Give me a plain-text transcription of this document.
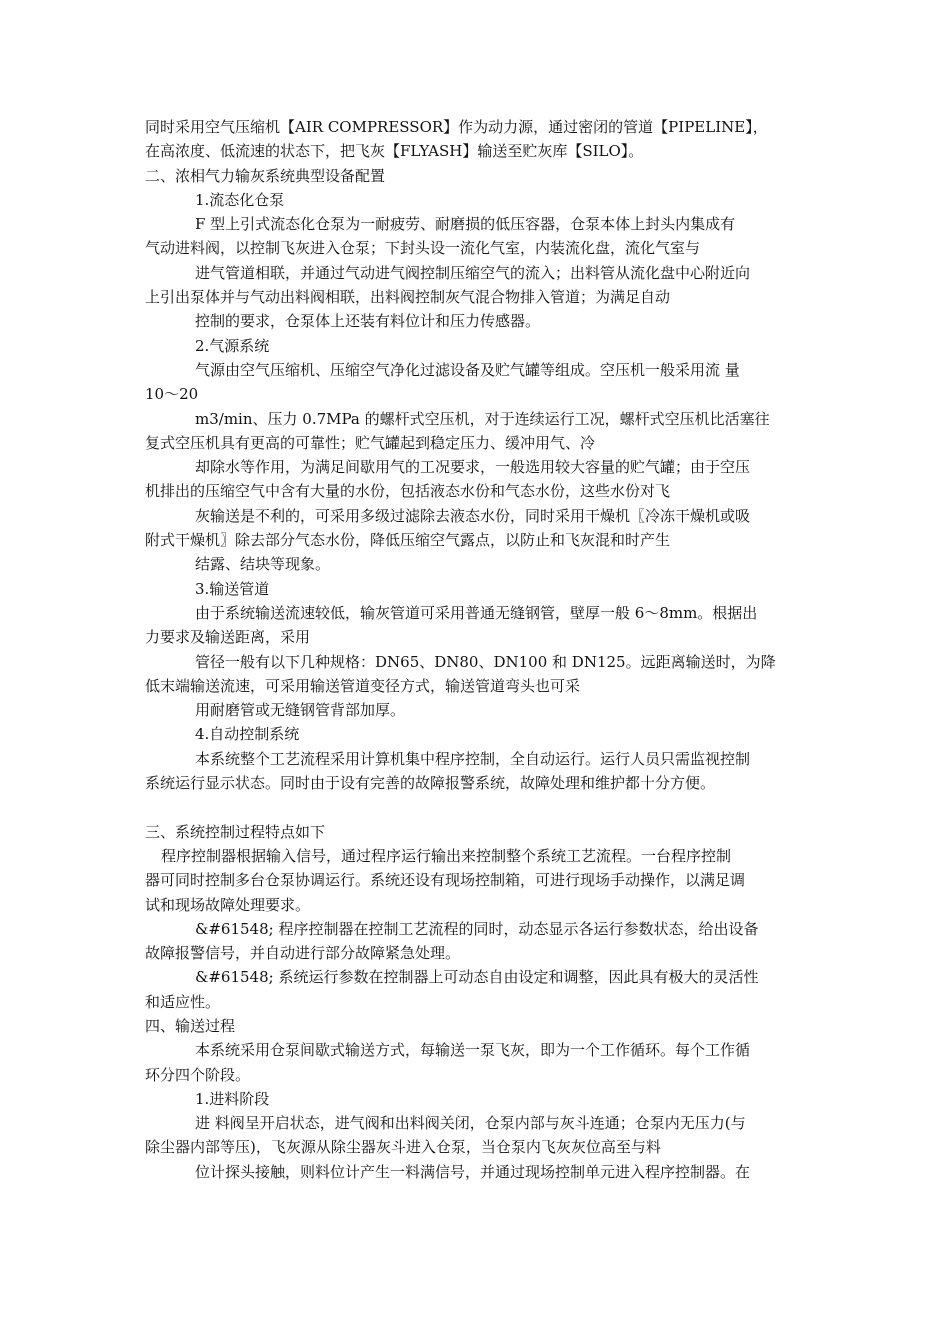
同时采用空气压缩机【AIR COMPRESSOR】作为动力源，通过密闭的管道【PIPELINE】，
在高浓度、低流速的状态下，把飞灰【FLYASH】输送至贮灰库【SILO】。
二、浓相气力输灰系统典型设备配置
1.流态化仓泵
F 型上引式流态化仓泵为一耐疲劳、耐磨损的低压容器，仓泵本体上封头内集成有
气动进料阀，以控制飞灰进入仓泵；下封头设一流化气室，内装流化盘，流化气室与
进气管道相联，并通过气动进气阀控制压缩空气的流入；出料管从流化盘中心附近向
上引出泵体并与气动出料阀相联，出料阀控制灰气混合物排入管道；为满足自动
控制的要求，仓泵体上还装有料位计和压力传感器。
2.气源系统
气源由空气压缩机、压缩空气净化过滤设备及贮气罐等组成。空压机一般采用流 量
10～20
m3/min、压力 0.7MPa 的螺杆式空压机，对于连续运行工况，螺杆式空压机比活塞往
复式空压机具有更高的可靠性；贮气罐起到稳定压力、缓冲用气、冷
却除水等作用，为满足间歇用气的工况要求，一般选用较大容量的贮气罐；由于空压
机排出的压缩空气中含有大量的水份，包括液态水份和气态水份，这些水份对飞
灰输送是不利的，可采用多级过滤除去液态水份，同时采用干燥机〖冷冻干燥机或吸
附式干燥机〗除去部分气态水份，降低压缩空气露点，以防止和飞灰混和时产生
结露、结块等现象。
3.输送管道
由于系统输送流速较低，输灰管道可采用普通无缝钢管，壁厚一般 6～8mm。根据出
力要求及输送距离，采用
管径一般有以下几种规格：DN65、DN80、DN100 和 DN125。远距离输送时，为降
低末端输送流速，可采用输送管道变径方式，输送管道弯头也可采
用耐磨管或无缝钢管背部加厚。
4.自动控制系统
本系统整个工艺流程采用计算机集中程序控制，全自动运行。运行人员只需监视控制
系统运行显示状态。同时由于设有完善的故障报警系统，故障处理和维护都十分方便。
三、系统控制过程特点如下
程序控制器根据输入信号，通过程序运行输出来控制整个系统工艺流程。一台程序控制
器可同时控制多台仓泵协调运行。系统还设有现场控制箱，可进行现场手动操作，以满足调
试和现场故障处理要求。
&#61548; 程序控制器在控制工艺流程的同时，动态显示各运行参数状态，给出设备
故障报警信号，并自动进行部分故障紧急处理。
&#61548; 系统运行参数在控制器上可动态自由设定和调整，因此具有极大的灵活性
和适应性。
四、输送过程
本系统采用仓泵间歇式输送方式，每输送一泵飞灰，即为一个工作循环。每个工作循
环分四个阶段。
1.进料阶段
进 料阀呈开启状态，进气阀和出料阀关闭，仓泵内部与灰斗连通；仓泵内无压力(与
除尘器内部等压)，飞灰源从除尘器灰斗进入仓泵，当仓泵内飞灰灰位高至与料
位计探头接触，则料位计产生一料满信号，并通过现场控制单元进入程序控制器。在
